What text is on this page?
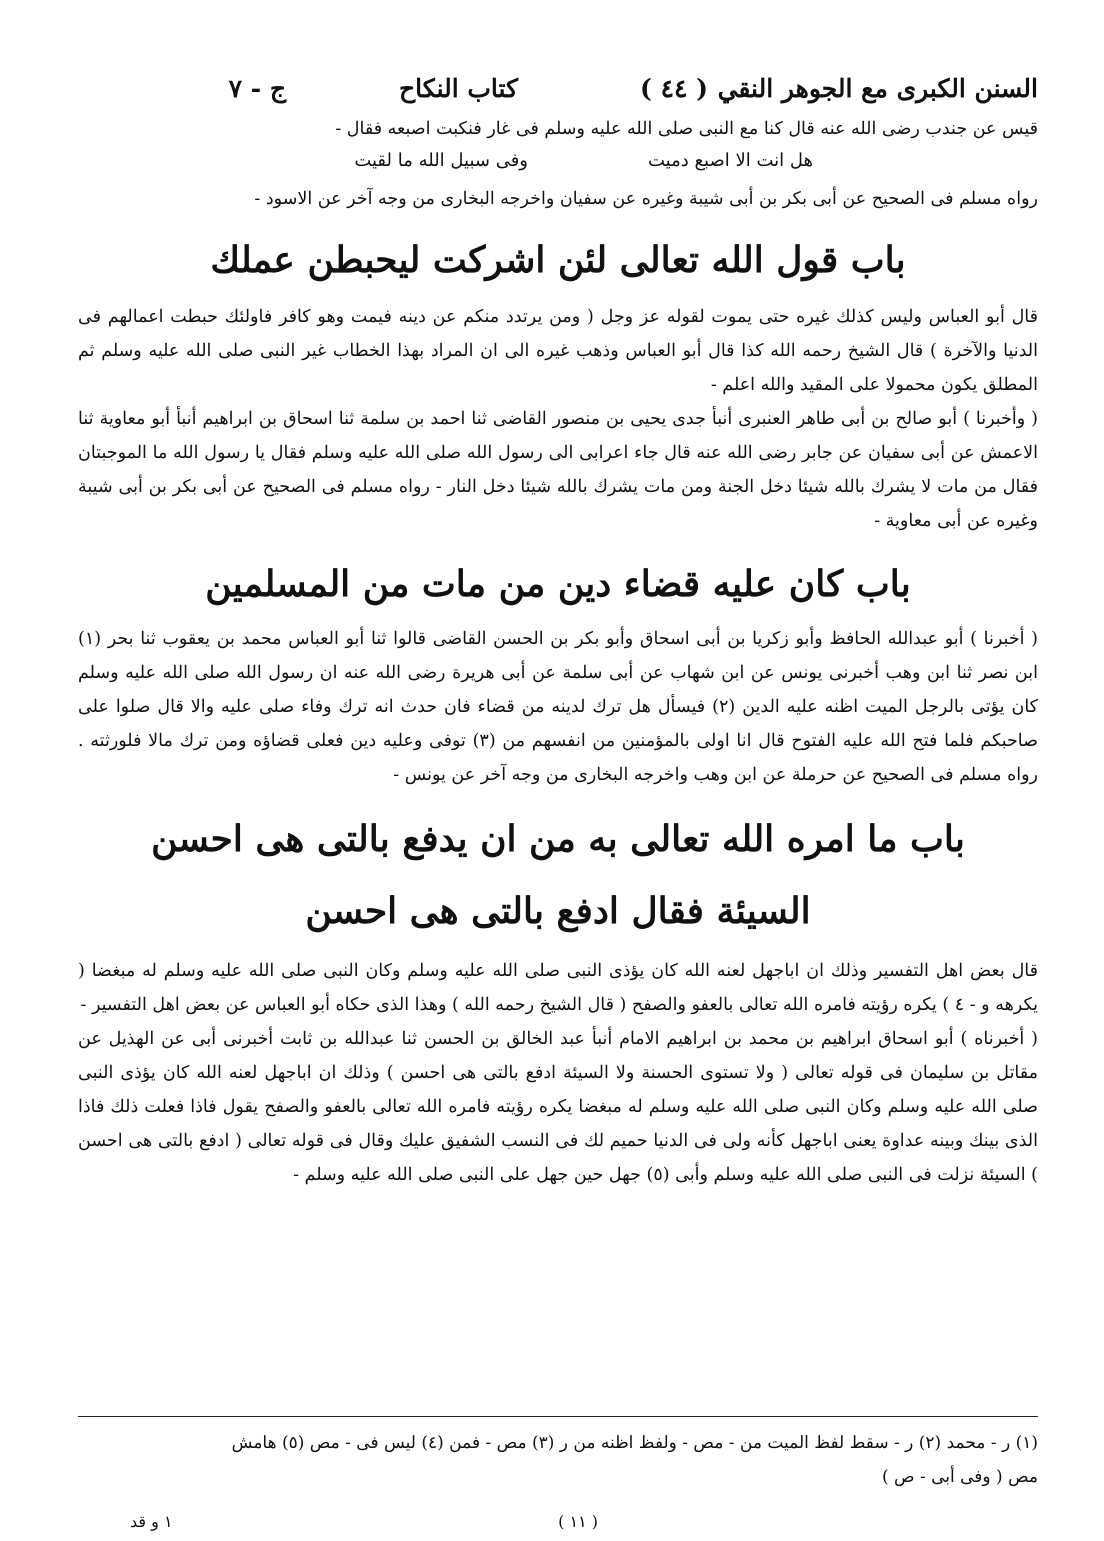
السنن الكبرى مع الجوهر النقي
( ٤٤ )
كتاب النكاح
ج - ٧

قيس عن جندب رضى الله عنه قال كنا مع النبى صلى الله عليه وسلم فى غار فنكبت اصبعه فقال -

هل انت الا اصبع دميت
وفى سبيل الله ما لقيت

رواه مسلم فى الصحيح عن أبى بكر بن أبى شيبة وغيره عن سفيان واخرجه البخارى من وجه آخر عن الاسود -

باب قول الله تعالى لئن اشركت ليحبطن عملك

قال أبو العباس وليس كذلك غيره حتى يموت لقوله عز وجل ( ومن يرتدد منكم عن دينه فيمت وهو كافر فاولئك حبطت اعمالهم فى الدنيا والآخرة ) قال الشيخ رحمه الله كذا قال أبو العباس وذهب غيره الى ان المراد بهذا الخطاب غير النبى صلى الله عليه وسلم ثم المطلق يكون محمولا على المقيد والله اعلم -

( وأخبرنا ) أبو صالح بن أبى طاهر العنبرى أنبأ جدى يحيى بن منصور القاضى ثنا احمد بن سلمة ثنا اسحاق بن ابراهيم أنبأ أبو معاوية ثنا الاعمش عن أبى سفيان عن جابر رضى الله عنه قال جاء اعرابى الى رسول الله صلى الله عليه وسلم فقال يا رسول الله ما الموجبتان فقال من مات لا يشرك بالله شيئا دخل الجنة ومن مات يشرك بالله شيئا دخل النار - رواه مسلم فى الصحيح عن أبى بكر بن أبى شيبة وغيره عن أبى معاوية -

باب كان عليه قضاء دين من مات من المسلمين

( أخبرنا ) أبو عبدالله الحافظ وأبو زكريا بن أبى اسحاق وأبو بكر بن الحسن القاضى قالوا ثنا أبو العباس محمد بن يعقوب ثنا بحر (١) ابن نصر ثنا ابن وهب أخبرنى يونس عن ابن شهاب عن أبى سلمة عن أبى هريرة رضى الله عنه ان رسول الله صلى الله عليه وسلم كان يؤتى بالرجل الميت اظنه عليه الدين (٢) فيسأل هل ترك لدينه من قضاء فان حدث انه ترك وفاء صلى عليه والا قال صلوا على صاحبكم فلما فتح الله عليه الفتوح قال انا اولى بالمؤمنين من انفسهم من (٣) توفى وعليه دين فعلى قضاؤه ومن ترك مالا فلورثته . رواه مسلم فى الصحيح عن حرملة عن ابن وهب واخرجه البخارى من وجه آخر عن يونس -

باب ما امره الله تعالى به من ان يدفع بالتى هى احسن
السيئة فقال ادفع بالتى هى احسن

قال بعض اهل التفسير وذلك ان اباجهل لعنه الله كان يؤذى النبى صلى الله عليه وسلم وكان النبى صلى الله عليه وسلم له مبغضا ( يكرهه و - ٤ ) يكره رؤيته فامره الله تعالى بالعفو والصفح ( قال الشيخ رحمه الله ) وهذا الذى حكاه أبو العباس عن بعض اهل التفسير -

( أخبرناه ) أبو اسحاق ابراهيم بن محمد بن ابراهيم الامام أنبأ عبد الخالق بن الحسن ثنا عبدالله بن ثابت أخبرنى أبى عن الهذيل عن مقاتل بن سليمان فى قوله تعالى ( ولا تستوى الحسنة ولا السيئة ادفع بالتى هى احسن ) وذلك ان اباجهل لعنه الله كان يؤذى النبى صلى الله عليه وسلم وكان النبى صلى الله عليه وسلم له مبغضا يكره رؤيته فامره الله تعالى بالعفو والصفح يقول فاذا فعلت ذلك فاذا الذى بينك وبينه عداوة يعنى اباجهل كأنه ولى فى الدنيا حميم لك فى النسب الشفيق عليك وقال فى قوله تعالى ( ادفع بالتى هى احسن ) السيئة نزلت فى النبى صلى الله عليه وسلم وأبى (٥) جهل حين جهل على النبى صلى الله عليه وسلم -

(١) ر - محمد (٢) ر - سقط لفظ الميت من - مص - ولفظ اظنه من ر (٣) مص - فمن (٤) ليس فى - مص (٥) هامش
مص ( وفى أبى - ص )
( ١١ )
١ و قد
